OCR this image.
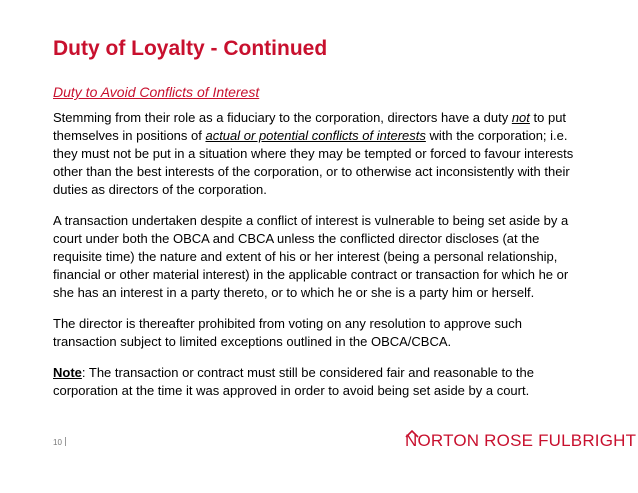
Duty of Loyalty - Continued
Duty to Avoid Conflicts of Interest

Stemming from their role as a fiduciary to the corporation, directors have a duty not to put themselves in positions of actual or potential conflicts of interests with the corporation; i.e. they must not be put in a situation where they may be tempted or forced to favour interests other than the best interests of the corporation, or to otherwise act inconsistently with their duties as directors of the corporation.

A transaction undertaken despite a conflict of interest is vulnerable to being set aside by a court under both the OBCA and CBCA unless the conflicted director discloses (at the requisite time) the nature and extent of his or her interest (being a personal relationship, financial or other material interest) in the applicable contract or transaction for which he or she has an interest in a party thereto, or to which he or she is a party him or herself.

The director is thereafter prohibited from voting on any resolution to approve such transaction subject to limited exceptions outlined in the OBCA/CBCA.

Note: The transaction or contract must still be considered fair and reasonable to the corporation at the time it was approved in order to avoid being set aside by a court.

10	NORTON ROSE FULBRIGHT
